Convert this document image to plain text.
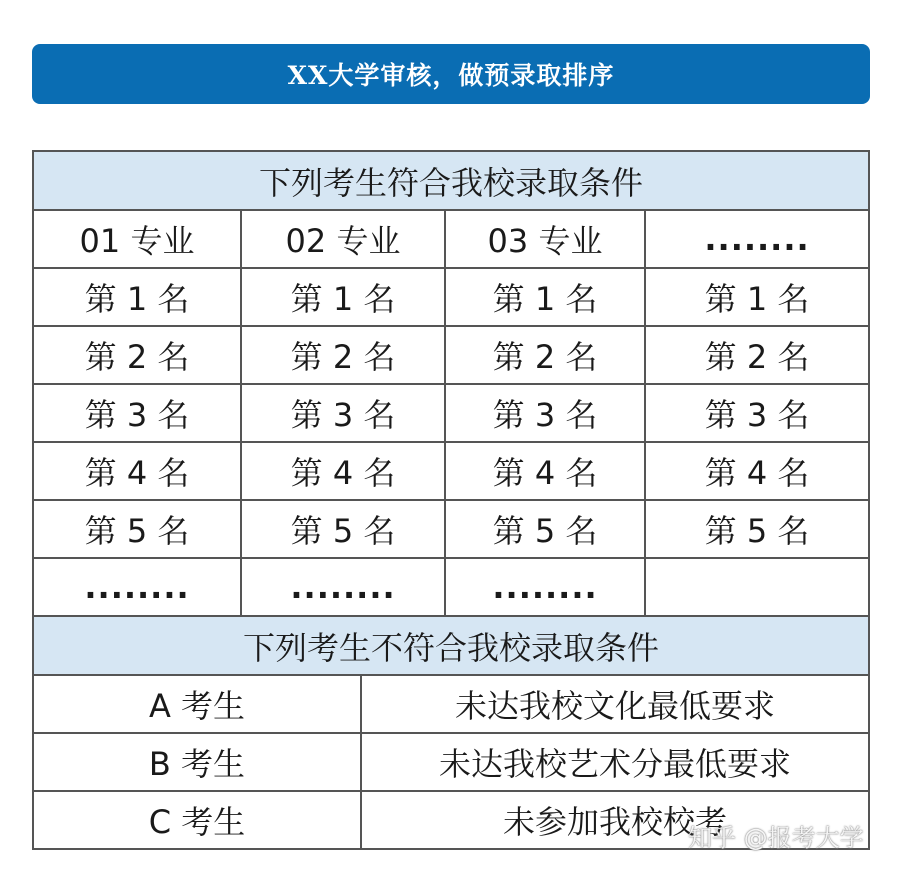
XX大学审核，做预录取排序
下列考生符合我校录取条件				
01 专业	02 专业		03 专业	........
第 1 名	第 1 名		第 1 名	第 1 名
第 2 名	第 2 名		第 2 名	第 2 名
第 3 名	第 3 名		第 3 名	第 3 名
第 4 名	第 4 名		第 4 名	第 4 名
第 5 名	第 5 名		第 5 名	第 5 名
........	........		........	
下列考生不符合我校录取条件				
A 考生		未达我校文化最低要求		
B 考生		未达我校艺术分最低要求		
C 考生		未参加我校校考		
知乎 @报考大学
